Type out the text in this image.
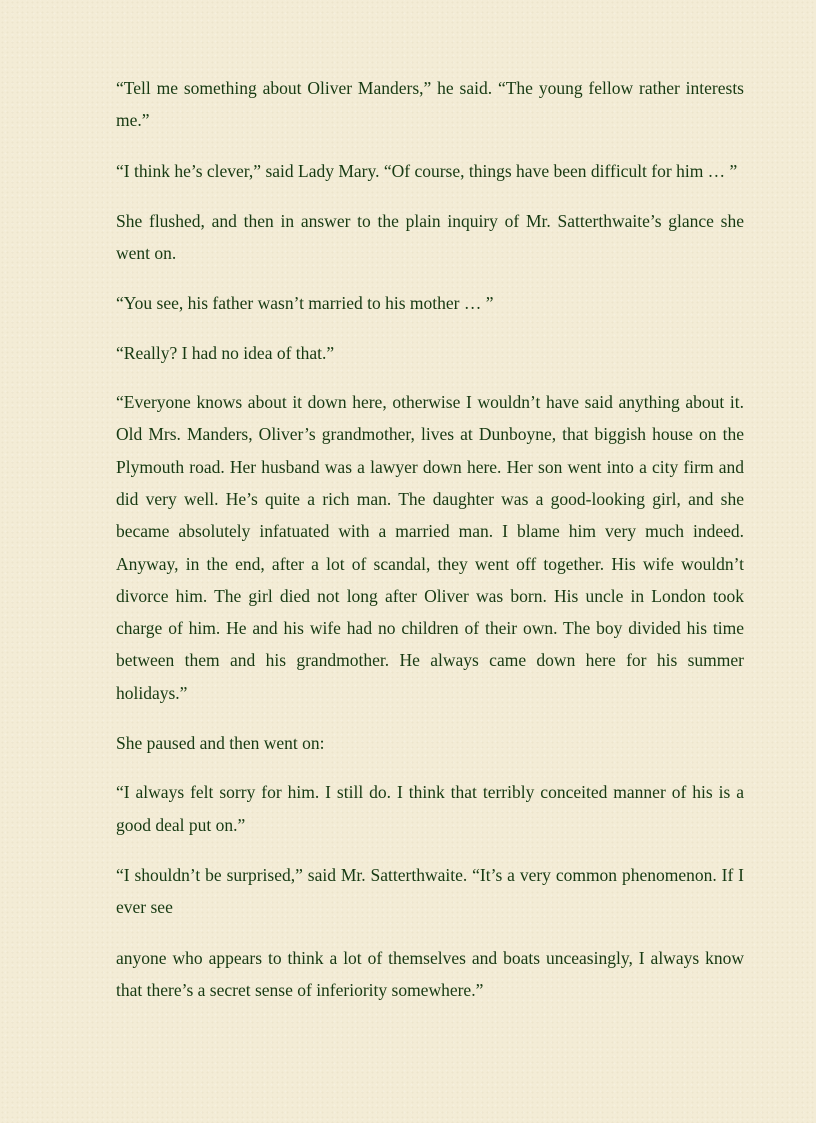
“Tell me something about Oliver Manders,” he said. “The young fellow rather interests me.”

“I think he’s clever,” said Lady Mary. “Of course, things have been difficult for him … ”

She flushed, and then in answer to the plain inquiry of Mr. Satterthwaite’s glance she went on.

“You see, his father wasn’t married to his mother … ”

“Really? I had no idea of that.”

“Everyone knows about it down here, otherwise I wouldn’t have said anything about it. Old Mrs. Manders, Oliver’s grandmother, lives at Dunboyne, that biggish house on the Plymouth road. Her husband was a lawyer down here. Her son went into a city firm and did very well. He’s quite a rich man. The daughter was a good-looking girl, and she became absolutely infatuated with a married man. I blame him very much indeed. Anyway, in the end, after a lot of scandal, they went off together. His wife wouldn’t divorce him. The girl died not long after Oliver was born. His uncle in London took charge of him. He and his wife had no children of their own. The boy divided his time between them and his grandmother. He always came down here for his summer holidays.”

She paused and then went on:

“I always felt sorry for him. I still do. I think that terribly conceited manner of his is a good deal put on.”

“I shouldn’t be surprised,” said Mr. Satterthwaite. “It’s a very common phenomenon. If I ever see

anyone who appears to think a lot of themselves and boats unceasingly, I always know that there’s a secret sense of inferiority somewhere.”
